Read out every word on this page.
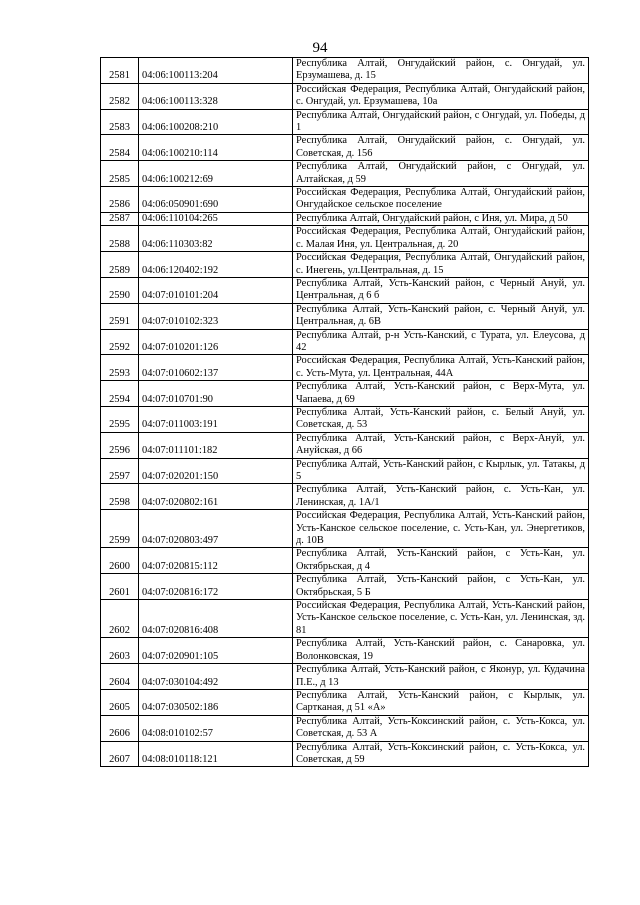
94
2581	04:06:100113:204	Республика Алтай, Онгудайский район, с. Онгудай, ул. Ерзумашева, д. 15
2582	04:06:100113:328	Российская Федерация, Республика Алтай, Онгудайский район, с. Онгудай, ул. Ерзумашева, 10а
2583	04:06:100208:210	Республика Алтай, Онгудайский район, с Онгудай, ул. Победы, д 1
2584	04:06:100210:114	Республика Алтай, Онгудайский район, с. Онгудай, ул. Советская, д. 156
2585	04:06:100212:69	Республика Алтай, Онгудайский район, с Онгудай, ул. Алтайская, д 59
2586	04:06:050901:690	Российская Федерация, Республика Алтай, Онгудайский район, Онгудайское сельское поселение
2587	04:06:110104:265	Республика Алтай, Онгудайский район, с Иня, ул. Мира, д 50
2588	04:06:110303:82	Российская Федерация, Республика Алтай, Онгудайский район, с. Малая Иня, ул. Центральная, д. 20
2589	04:06:120402:192	Российская Федерация, Республика Алтай, Онгудайский район, с. Инегень, ул.Центральная, д. 15
2590	04:07:010101:204	Республика Алтай, Усть-Канский район, с Черный Ануй, ул. Центральная, д 6 б
2591	04:07:010102:323	Республика Алтай, Усть-Канский район, с. Черный Ануй, ул. Центральная, д. 6В
2592	04:07:010201:126	Республика Алтай, р-н Усть-Канский, с Турата, ул. Елеусова, д 42
2593	04:07:010602:137	Российская Федерация, Республика Алтай, Усть-Канский район, с. Усть-Мута, ул. Центральная, 44А
2594	04:07:010701:90	Республика Алтай, Усть-Канский район, с Верх-Мута, ул. Чапаева, д 69
2595	04:07:011003:191	Республика Алтай, Усть-Канский район, с. Белый Ануй, ул. Советская, д. 53
2596	04:07:011101:182	Республика Алтай, Усть-Канский район, с Верх-Ануй, ул. Ануйская, д 66
2597	04:07:020201:150	Республика Алтай, Усть-Канский район, с Кырлык, ул. Татакы, д 5
2598	04:07:020802:161	Республика Алтай, Усть-Канский район, с. Усть-Кан, ул. Ленинская, д. 1А/1
2599	04:07:020803:497	Российская Федерация, Республика Алтай, Усть-Канский район, Усть-Канское сельское поселение, с. Усть-Кан, ул. Энергетиков, д. 10В
2600	04:07:020815:112	Республика Алтай, Усть-Канский район, с Усть-Кан, ул. Октябрьская, д 4
2601	04:07:020816:172	Республика Алтай, Усть-Канский район, с Усть-Кан, ул. Октябрьская, 5 Б
2602	04:07:020816:408	Российская Федерация, Республика Алтай, Усть-Канский район, Усть-Канское сельское поселение, с. Усть-Кан, ул. Ленинская, зд. 81
2603	04:07:020901:105	Республика Алтай, Усть-Канский район, с. Санаровка, ул. Волонковская, 19
2604	04:07:030104:492	Республика Алтай, Усть-Канский район, с Яконур, ул. Кудачина П.Е., д 13
2605	04:07:030502:186	Республика Алтай, Усть-Канский район, с Кырлык, ул. Сартканая, д 51 «А»
2606	04:08:010102:57	Республика Алтай, Усть-Коксинский район, с. Усть-Кокса, ул. Советская, д. 53 А
2607	04:08:010118:121	Республика Алтай, Усть-Коксинский район, с. Усть-Кокса, ул. Советская, д 59
